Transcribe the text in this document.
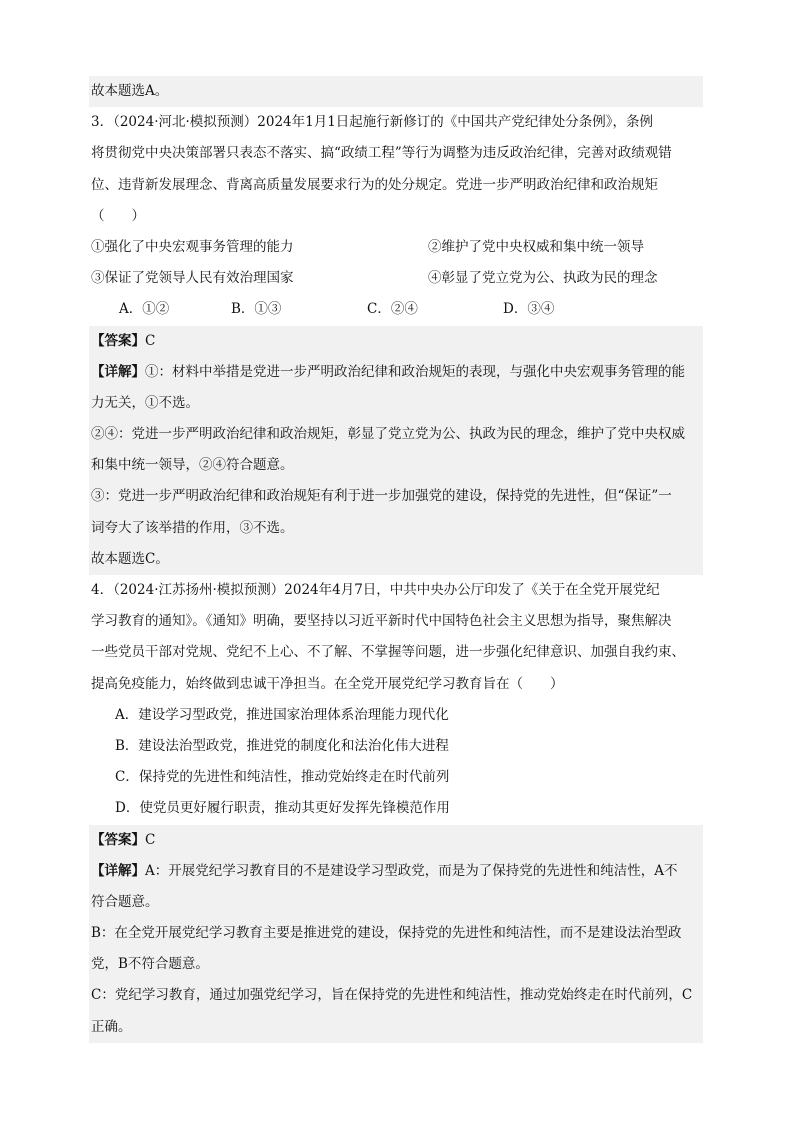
故本题选A。
3．（2024·河北·模拟预测）2024年1月1日起施行新修订的《中国共产党纪律处分条例》，条例
将贯彻党中央决策部署只表态不落实、搞“政绩工程”等行为调整为违反政治纪律，完善对政绩观错
位、违背新发展理念、背离高质量发展要求行为的处分规定。党进一步严明政治纪律和政治规矩
（　　）
①强化了中央宏观事务管理的能力	②维护了党中央权威和集中统一领导
③保证了党领导人民有效治理国家	④彰显了党立党为公、执政为民的理念
A．①②	B．①③	C．②④	D．③④
【答案】C
【详解】①：材料中举措是党进一步严明政治纪律和政治规矩的表现，与强化中央宏观事务管理的能
力无关，①不选。
②④：党进一步严明政治纪律和政治规矩，彰显了党立党为公、执政为民的理念，维护了党中央权威
和集中统一领导，②④符合题意。
③：党进一步严明政治纪律和政治规矩有利于进一步加强党的建设，保持党的先进性，但“保证”一
词夸大了该举措的作用，③不选。
故本题选C。
4．（2024·江苏扬州·模拟预测）2024年4月7日，中共中央办公厅印发了《关于在全党开展党纪
学习教育的通知》。《通知》明确，要坚持以习近平新时代中国特色社会主义思想为指导，聚焦解决
一些党员干部对党规、党纪不上心、不了解、不掌握等问题，进一步强化纪律意识、加强自我约束、
提高免疫能力，始终做到忠诚干净担当。在全党开展党纪学习教育旨在（　　）
A．建设学习型政党，推进国家治理体系治理能力现代化
B．建设法治型政党，推进党的制度化和法治化伟大进程
C．保持党的先进性和纯洁性，推动党始终走在时代前列
D．使党员更好履行职责，推动其更好发挥先锋模范作用
【答案】C
【详解】A：开展党纪学习教育目的不是建设学习型政党，而是为了保持党的先进性和纯洁性，A不
符合题意。
B：在全党开展党纪学习教育主要是推进党的建设，保持党的先进性和纯洁性，而不是建设法治型政
党，B不符合题意。
C：党纪学习教育，通过加强党纪学习，旨在保持党的先进性和纯洁性，推动党始终走在时代前列，C
正确。
